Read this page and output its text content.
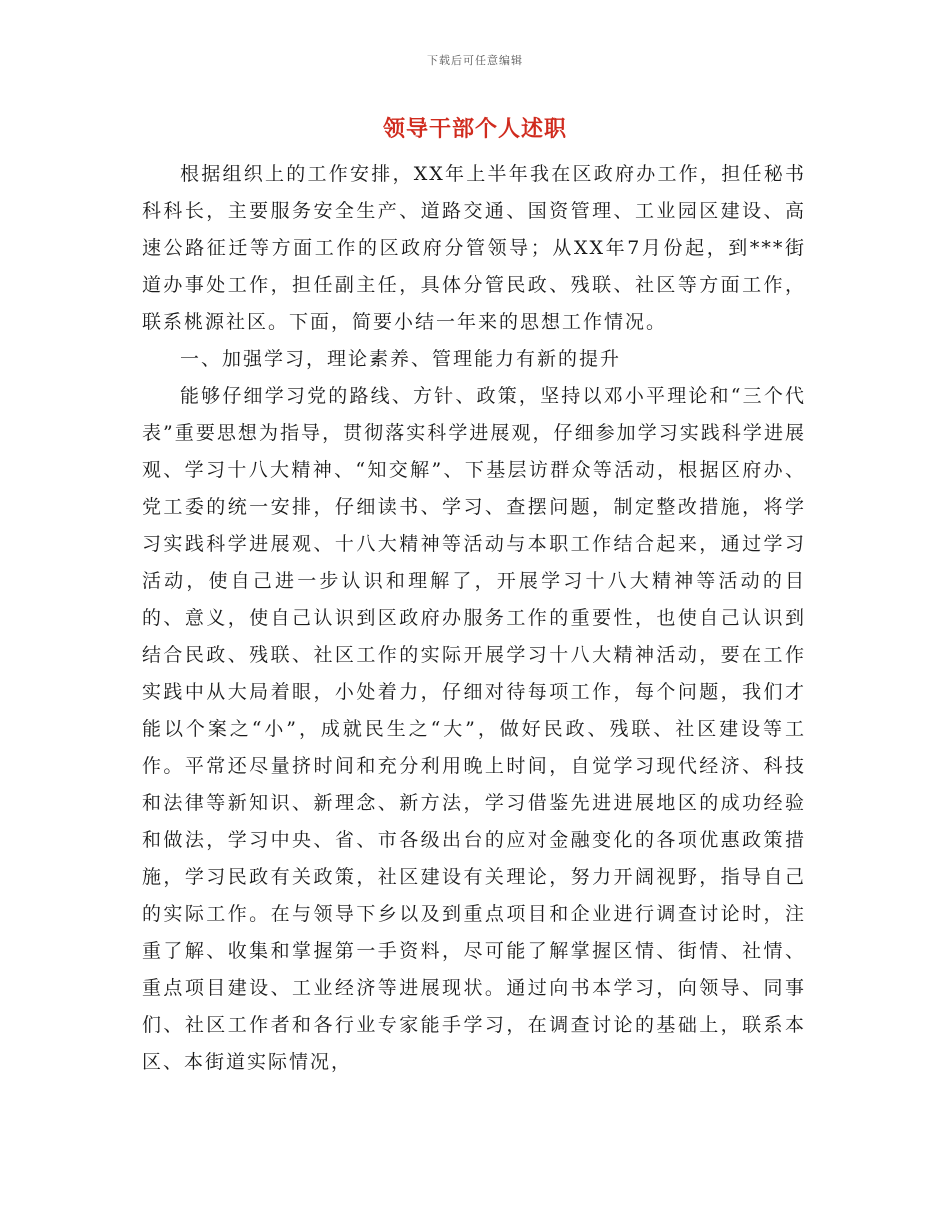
下载后可任意编辑
领导干部个人述职

根据组织上的工作安排，XX年上半年我在区政府办工作，担任秘书科科长，主要服务安全生产、道路交通、国资管理、工业园区建设、高速公路征迁等方面工作的区政府分管领导；从XX年7月份起，到***街道办事处工作，担任副主任，具体分管民政、残联、社区等方面工作，联系桃源社区。下面，简要小结一年来的思想工作情况。

一、加强学习，理论素养、管理能力有新的提升

能够仔细学习党的路线、方针、政策，坚持以邓小平理论和“三个代表”重要思想为指导，贯彻落实科学进展观，仔细参加学习实践科学进展观、学习十八大精神、“知交解”、下基层访群众等活动，根据区府办、党工委的统一安排，仔细读书、学习、查摆问题，制定整改措施，将学习实践科学进展观、十八大精神等活动与本职工作结合起来，通过学习活动，使自己进一步认识和理解了，开展学习十八大精神等活动的目的、意义，使自己认识到区政府办服务工作的重要性，也使自己认识到结合民政、残联、社区工作的实际开展学习十八大精神活动，要在工作实践中从大局着眼，小处着力，仔细对待每项工作，每个问题，我们才能以个案之“小”，成就民生之“大”，做好民政、残联、社区建设等工作。平常还尽量挤时间和充分利用晚上时间，自觉学习现代经济、科技和法律等新知识、新理念、新方法，学习借鉴先进进展地区的成功经验和做法，学习中央、省、市各级出台的应对金融变化的各项优惠政策措施，学习民政有关政策，社区建设有关理论，努力开阔视野，指导自己的实际工作。在与领导下乡以及到重点项目和企业进行调查讨论时，注重了解、收集和掌握第一手资料，尽可能了解掌握区情、街情、社情、重点项目建设、工业经济等进展现状。通过向书本学习，向领导、同事们、社区工作者和各行业专家能手学习，在调查讨论的基础上，联系本区、本街道实际情况，
